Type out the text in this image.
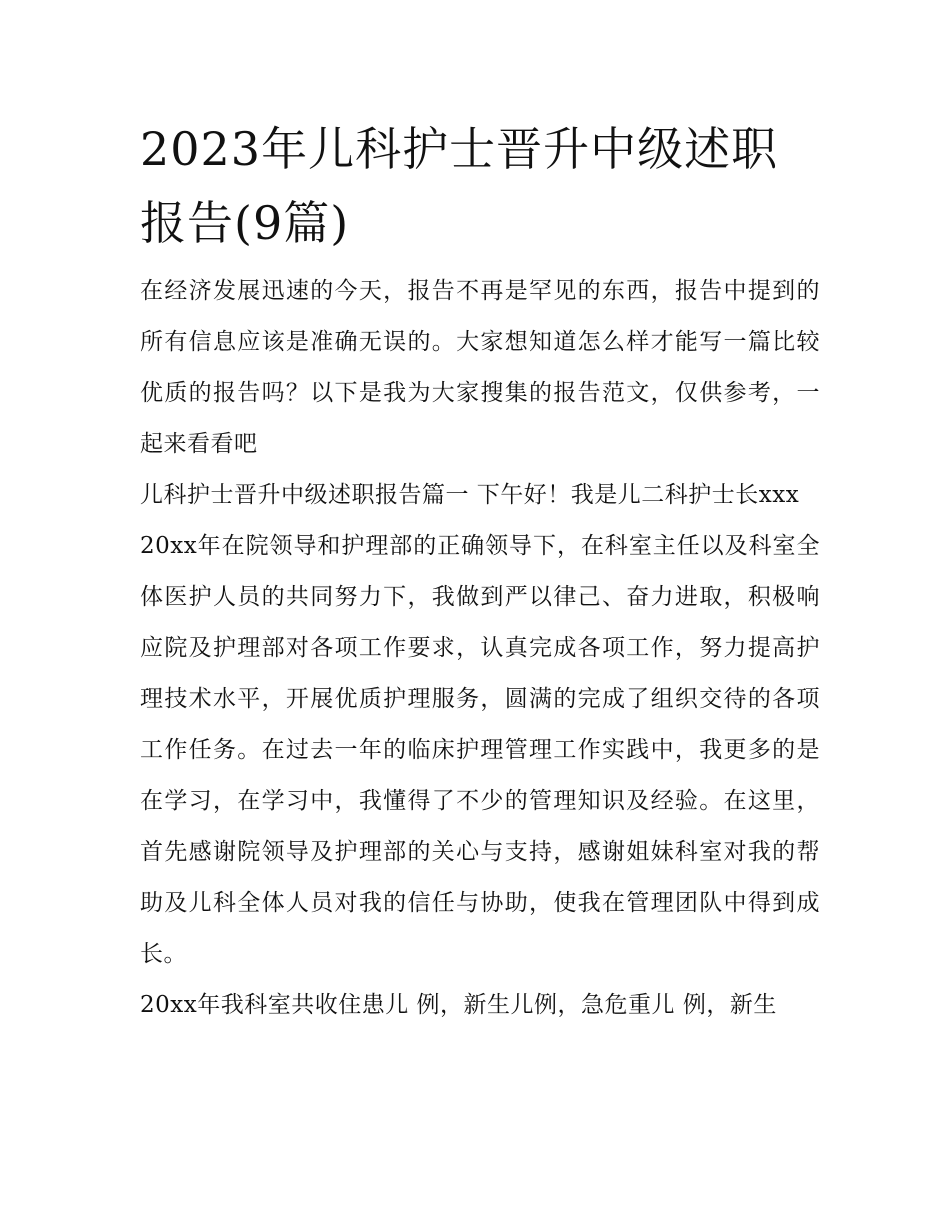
2023年儿科护士晋升中级述职
报告(9篇)

在经济发展迅速的今天，报告不再是罕见的东西，报告中提到的所有信息应该是准确无误的。大家想知道怎么样才能写一篇比较优质的报告吗？以下是我为大家搜集的报告范文，仅供参考，一起来看看吧

儿科护士晋升中级述职报告篇一 下午好！我是儿二科护士长xxx

20xx年在院领导和护理部的正确领导下，在科室主任以及科室全体医护人员的共同努力下，我做到严以律己、奋力进取，积极响应院及护理部对各项工作要求，认真完成各项工作，努力提高护理技术水平，开展优质护理服务，圆满的完成了组织交待的各项工作任务。在过去一年的临床护理管理工作实践中，我更多的是在学习，在学习中，我懂得了不少的管理知识及经验。在这里，首先感谢院领导及护理部的关心与支持，感谢姐妹科室对我的帮助及儿科全体人员对我的信任与协助，使我在管理团队中得到成长。

20xx年我科室共收住患儿 例，新生儿例，急危重儿 例，新生
